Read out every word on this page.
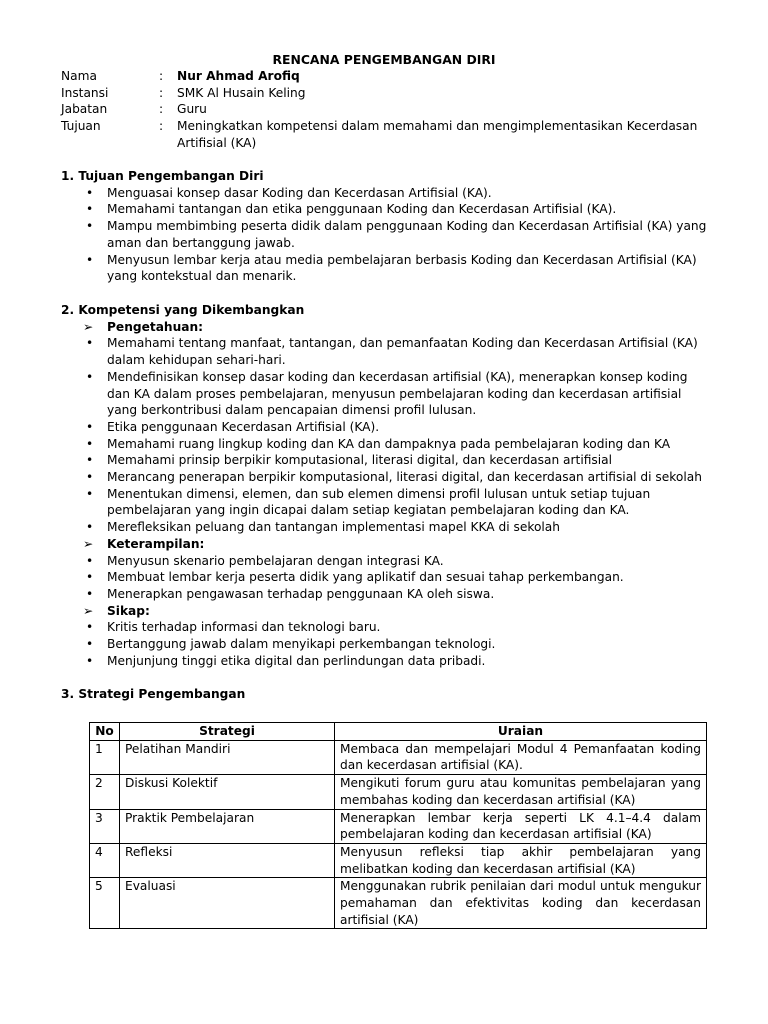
RENCANA PENGEMBANGAN DIRI
Nama	:	Nur Ahmad Arofiq
Instansi	:	SMK Al Husain Keling
Jabatan	:	Guru
Tujuan	:	Meningkatkan kompetensi dalam memahami dan mengimplementasikan Kecerdasan Artifisial (KA)
1. Tujuan Pengembangan Diri
• Menguasai konsep dasar Koding dan Kecerdasan Artifisial (KA).
• Memahami tantangan dan etika penggunaan Koding dan Kecerdasan Artifisial (KA).
• Mampu membimbing peserta didik dalam penggunaan Koding dan Kecerdasan Artifisial (KA) yang aman dan bertanggung jawab.
• Menyusun lembar kerja atau media pembelajaran berbasis Koding dan Kecerdasan Artifisial (KA) yang kontekstual dan menarik.
2. Kompetensi yang Dikembangkan
➢ Pengetahuan:
• Memahami tentang manfaat, tantangan, dan pemanfaatan Koding dan Kecerdasan Artifisial (KA) dalam kehidupan sehari-hari.
• Mendefinisikan konsep dasar koding dan kecerdasan artifisial (KA), menerapkan konsep koding dan KA dalam proses pembelajaran, menyusun pembelajaran koding dan kecerdasan artifisial yang berkontribusi dalam pencapaian dimensi profil lulusan.
• Etika penggunaan Kecerdasan Artifisial (KA).
• Memahami ruang lingkup koding dan KA dan dampaknya pada pembelajaran koding dan KA
• Memahami prinsip berpikir komputasional, literasi digital, dan kecerdasan artifisial
• Merancang penerapan berpikir komputasional, literasi digital, dan kecerdasan artifisial di sekolah
• Menentukan dimensi, elemen, dan sub elemen dimensi profil lulusan untuk setiap tujuan pembelajaran yang ingin dicapai dalam setiap kegiatan pembelajaran koding dan KA.
• Merefleksikan peluang dan tantangan implementasi mapel KKA di sekolah
➢ Keterampilan:
• Menyusun skenario pembelajaran dengan integrasi KA.
• Membuat lembar kerja peserta didik yang aplikatif dan sesuai tahap perkembangan.
• Menerapkan pengawasan terhadap penggunaan KA oleh siswa.
➢ Sikap:
• Kritis terhadap informasi dan teknologi baru.
• Bertanggung jawab dalam menyikapi perkembangan teknologi.
• Menjunjung tinggi etika digital dan perlindungan data pribadi.
3. Strategi Pengembangan
No	Strategi	Uraian
1	Pelatihan Mandiri	Membaca dan mempelajari Modul 4 Pemanfaatan koding dan kecerdasan artifisial (KA).
2	Diskusi Kolektif	Mengikuti forum guru atau komunitas pembelajaran yang membahas koding dan kecerdasan artifisial (KA)
3	Praktik Pembelajaran	Menerapkan lembar kerja seperti LK 4.1–4.4 dalam pembelajaran koding dan kecerdasan artifisial (KA)
4	Refleksi	Menyusun refleksi tiap akhir pembelajaran yang melibatkan koding dan kecerdasan artifisial (KA)
5	Evaluasi	Menggunakan rubrik penilaian dari modul untuk mengukur pemahaman dan efektivitas koding dan kecerdasan artifisial (KA)
